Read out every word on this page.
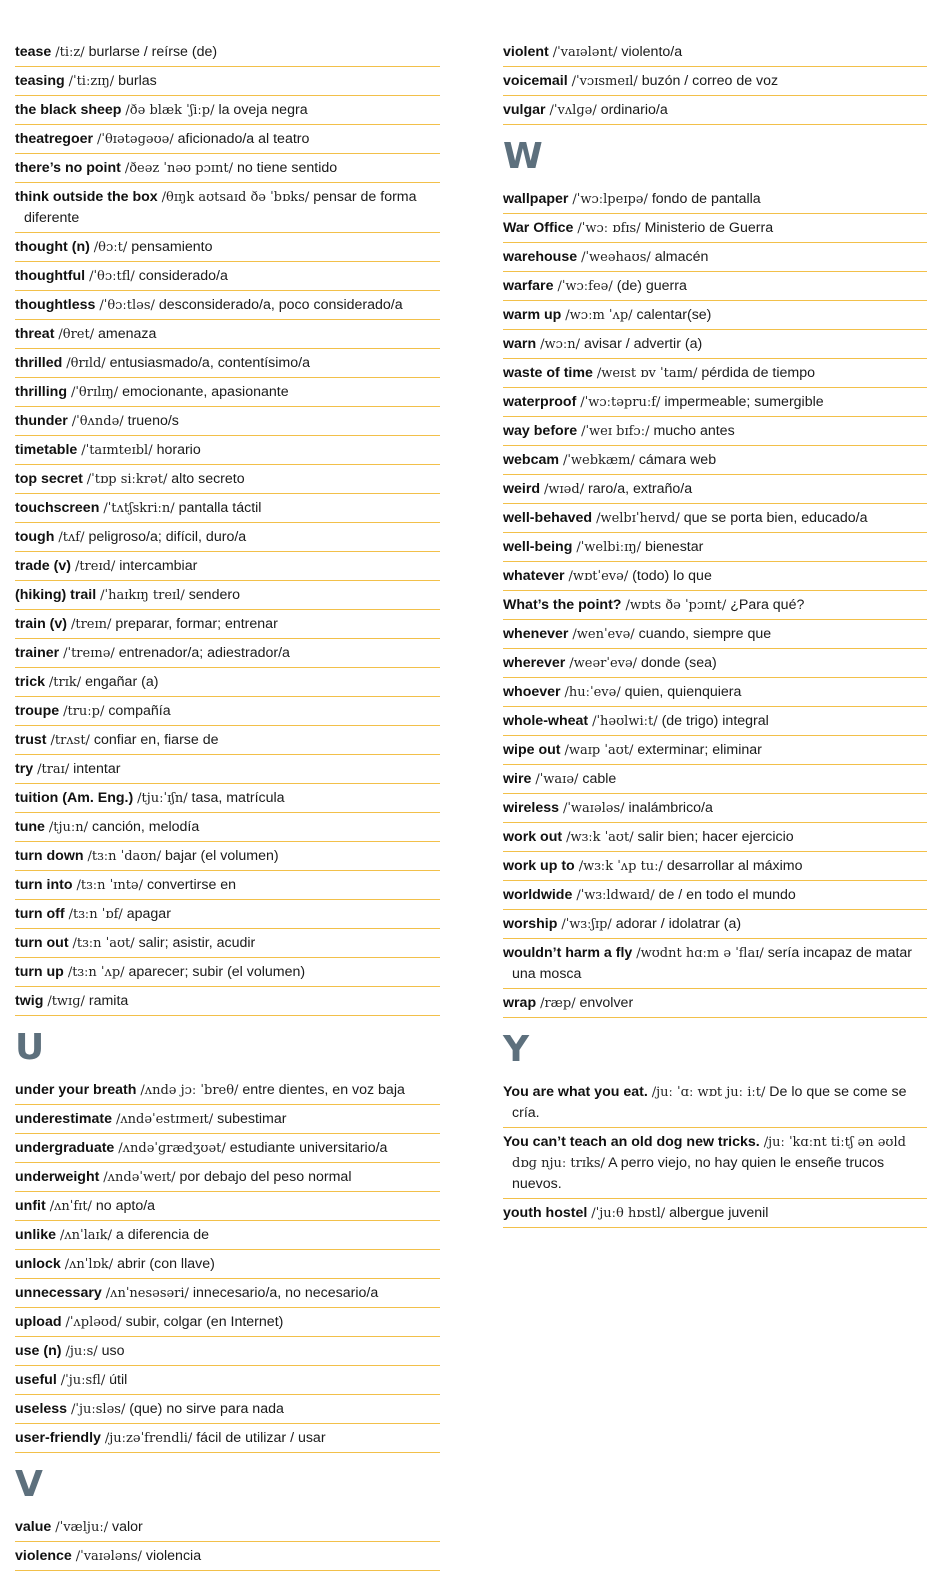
tease /tiːz/ burlarse / reírse (de)
teasing /ˈtiːzɪŋ/ burlas
the black sheep /ðə blæk ˈʃiːp/ la oveja negra
theatregoer /ˈθɪətəɡəʊə/ aficionado/a al teatro
there’s no point /ðeəz ˈnəʊ pɔɪnt/ no tiene sentido
think outside the box /θɪŋk aʊtsaɪd ðə ˈbɒks/ pensar de forma diferente
thought (n) /θɔːt/ pensamiento
thoughtful /ˈθɔːtfl/ considerado/a
thoughtless /ˈθɔːtləs/ desconsiderado/a, poco considerado/a
threat /θret/ amenaza
thrilled /θrɪld/ entusiasmado/a, contentísimo/a
thrilling /ˈθrɪlɪŋ/ emocionante, apasionante
thunder /ˈθʌndə/ trueno/s
timetable /ˈtaɪmteɪbl/ horario
top secret /ˈtɒp siːkrət/ alto secreto
touchscreen /ˈtʌtʃskriːn/ pantalla táctil
tough /tʌf/ peligroso/a; difícil, duro/a
trade (v) /treɪd/ intercambiar
(hiking) trail /ˈhaɪkɪŋ treɪl/ sendero
train (v) /treɪn/ preparar, formar; entrenar
trainer /ˈtreɪnə/ entrenador/a; adiestrador/a
trick /trɪk/ engañar (a)
troupe /truːp/ compañía
trust /trʌst/ confiar en, fiarse de
try /traɪ/ intentar
tuition (Am. Eng.) /tjuːˈɪʃn/ tasa, matrícula
tune /tjuːn/ canción, melodía
turn down /tɜːn ˈdaʊn/ bajar (el volumen)
turn into /tɜːn ˈɪntə/ convertirse en
turn off /tɜːn ˈɒf/ apagar
turn out /tɜːn ˈaʊt/ salir; asistir, acudir
turn up /tɜːn ˈʌp/ aparecer; subir (el volumen)
twig /twɪɡ/ ramita
U
under your breath /ʌndə jɔː ˈbreθ/ entre dientes, en voz baja
underestimate /ʌndəˈestɪmeɪt/ subestimar
undergraduate /ʌndəˈɡrædʒʊət/ estudiante universitario/a
underweight /ʌndəˈweɪt/ por debajo del peso normal
unfit /ʌnˈfɪt/ no apto/a
unlike /ʌnˈlaɪk/ a diferencia de
unlock /ʌnˈlɒk/ abrir (con llave)
unnecessary /ʌnˈnesəsəri/ innecesario/a, no necesario/a
upload /ˈʌpləʊd/ subir, colgar (en Internet)
use (n) /juːs/ uso
useful /ˈjuːsfl/ útil
useless /ˈjuːsləs/ (que) no sirve para nada
user-friendly /juːzəˈfrendli/ fácil de utilizar / usar
V
value /ˈvæljuː/ valor
violence /ˈvaɪələns/ violencia
violent /ˈvaɪələnt/ violento/a
voicemail /ˈvɔɪsmeɪl/ buzón / correo de voz
vulgar /ˈvʌlɡə/ ordinario/a
W
wallpaper /ˈwɔːlpeɪpə/ fondo de pantalla
War Office /ˈwɔː ɒfɪs/ Ministerio de Guerra
warehouse /ˈweəhaʊs/ almacén
warfare /ˈwɔːfeə/ (de) guerra
warm up /wɔːm ˈʌp/ calentar(se)
warn /wɔːn/ avisar / advertir (a)
waste of time /weɪst ɒv ˈtaɪm/ pérdida de tiempo
waterproof /ˈwɔːtəpruːf/ impermeable; sumergible
way before /ˈweɪ bɪfɔː/ mucho antes
webcam /ˈwebkæm/ cámara web
weird /wɪəd/ raro/a, extraño/a
well-behaved /welbɪˈheɪvd/ que se porta bien, educado/a
well-being /ˈwelbiːɪŋ/ bienestar
whatever /wɒtˈevə/ (todo) lo que
What’s the point? /wɒts ðə ˈpɔɪnt/ ¿Para qué?
whenever /wenˈevə/ cuando, siempre que
wherever /weərˈevə/ donde (sea)
whoever /huːˈevə/ quien, quienquiera
whole-wheat /ˈhəʊlwiːt/ (de trigo) integral
wipe out /waɪp ˈaʊt/ exterminar; eliminar
wire /ˈwaɪə/ cable
wireless /ˈwaɪələs/ inalámbrico/a
work out /wɜːk ˈaʊt/ salir bien; hacer ejercicio
work up to /wɜːk ˈʌp tuː/ desarrollar al máximo
worldwide /ˈwɜːldwaɪd/ de / en todo el mundo
worship /ˈwɜːʃɪp/ adorar / idolatrar (a)
wouldn’t harm a fly /wʊdnt hɑːm ə ˈflaɪ/ sería incapaz de matar una mosca
wrap /ræp/ envolver
Y
You are what you eat. /juː ˈɑː wɒt juː iːt/ De lo que se come se cría.
You can’t teach an old dog new tricks. /juː ˈkɑːnt tiːtʃ ən əʊld dɒɡ njuː trɪks/ A perro viejo, no hay quien le enseñe trucos nuevos.
youth hostel /ˈjuːθ hɒstl/ albergue juvenil
